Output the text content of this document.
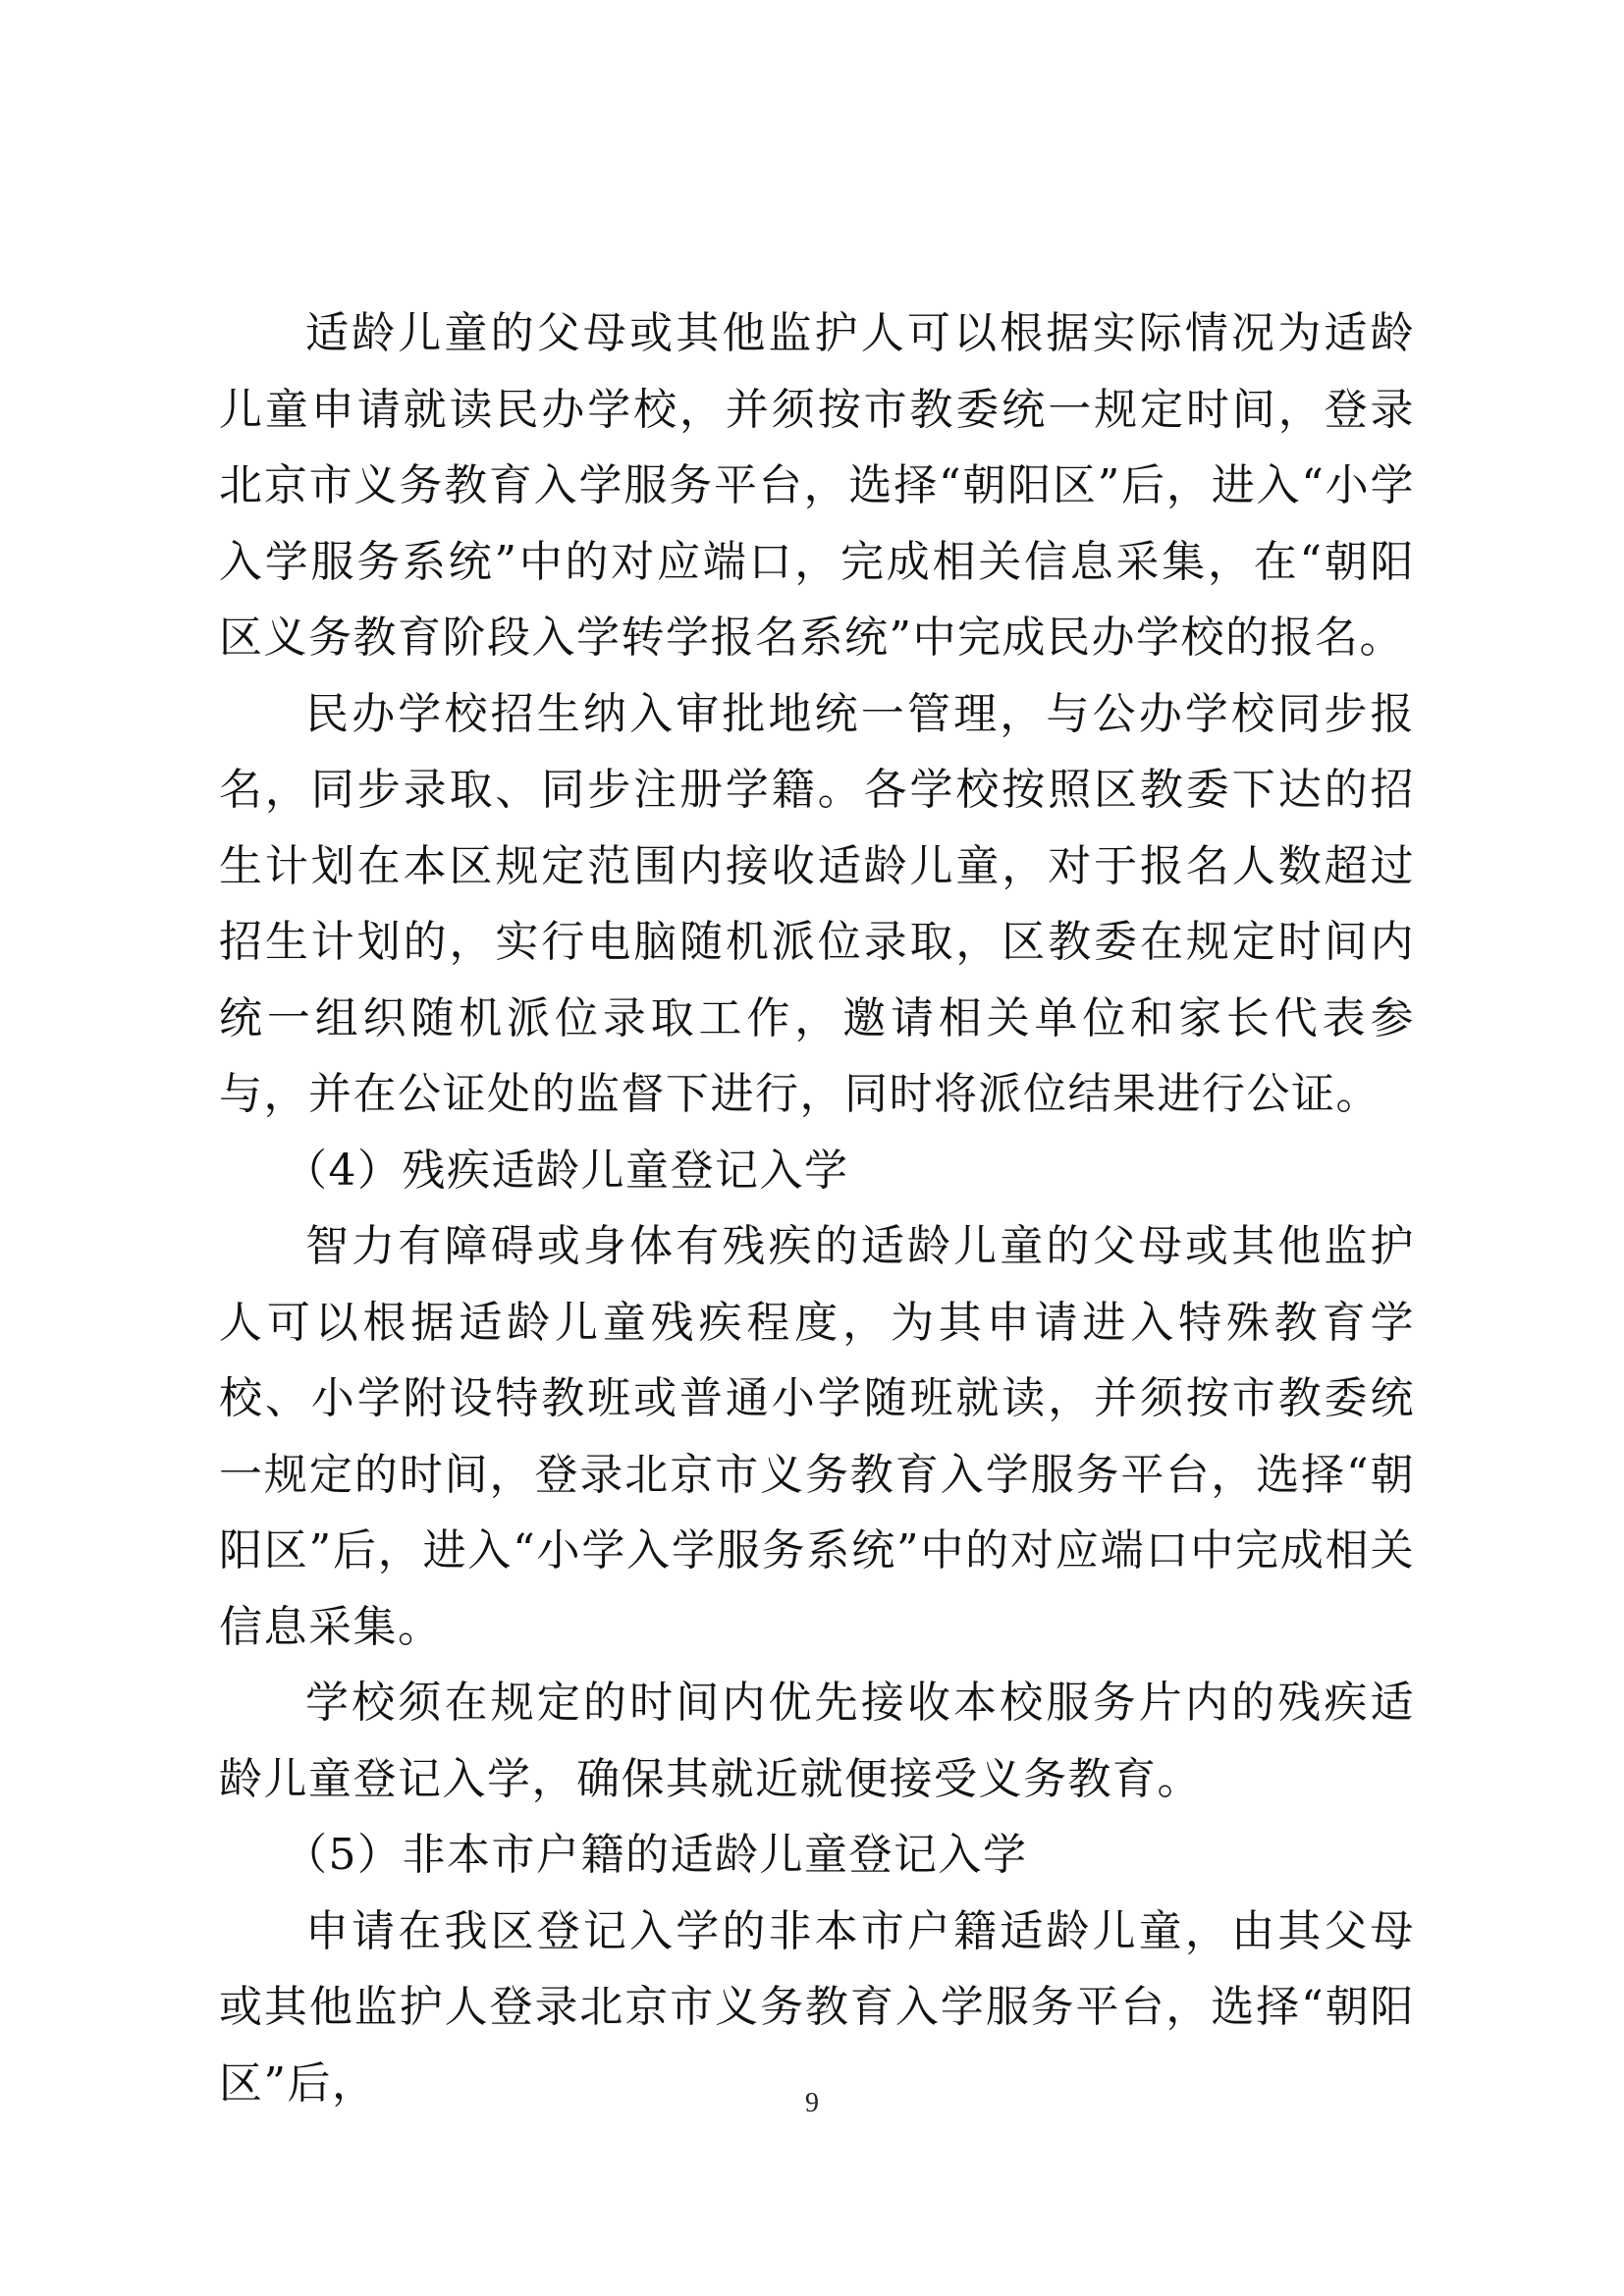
适龄儿童的父母或其他监护人可以根据实际情况为适龄儿童申请就读民办学校，并须按市教委统一规定时间，登录北京市义务教育入学服务平台，选择“朝阳区”后，进入“小学入学服务系统”中的对应端口，完成相关信息采集，在“朝阳区义务教育阶段入学转学报名系统”中完成民办学校的报名。

民办学校招生纳入审批地统一管理，与公办学校同步报名，同步录取、同步注册学籍。各学校按照区教委下达的招生计划在本区规定范围内接收适龄儿童，对于报名人数超过招生计划的，实行电脑随机派位录取，区教委在规定时间内统一组织随机派位录取工作，邀请相关单位和家长代表参与，并在公证处的监督下进行，同时将派位结果进行公证。

（4）残疾适龄儿童登记入学

智力有障碍或身体有残疾的适龄儿童的父母或其他监护人可以根据适龄儿童残疾程度，为其申请进入特殊教育学校、小学附设特教班或普通小学随班就读，并须按市教委统一规定的时间，登录北京市义务教育入学服务平台，选择“朝阳区”后，进入“小学入学服务系统”中的对应端口中完成相关信息采集。

学校须在规定的时间内优先接收本校服务片内的残疾适龄儿童登记入学，确保其就近就便接受义务教育。

（5）非本市户籍的适龄儿童登记入学

申请在我区登记入学的非本市户籍适龄儿童，由其父母或其他监护人登录北京市义务教育入学服务平台，选择“朝阳区”后，	9
